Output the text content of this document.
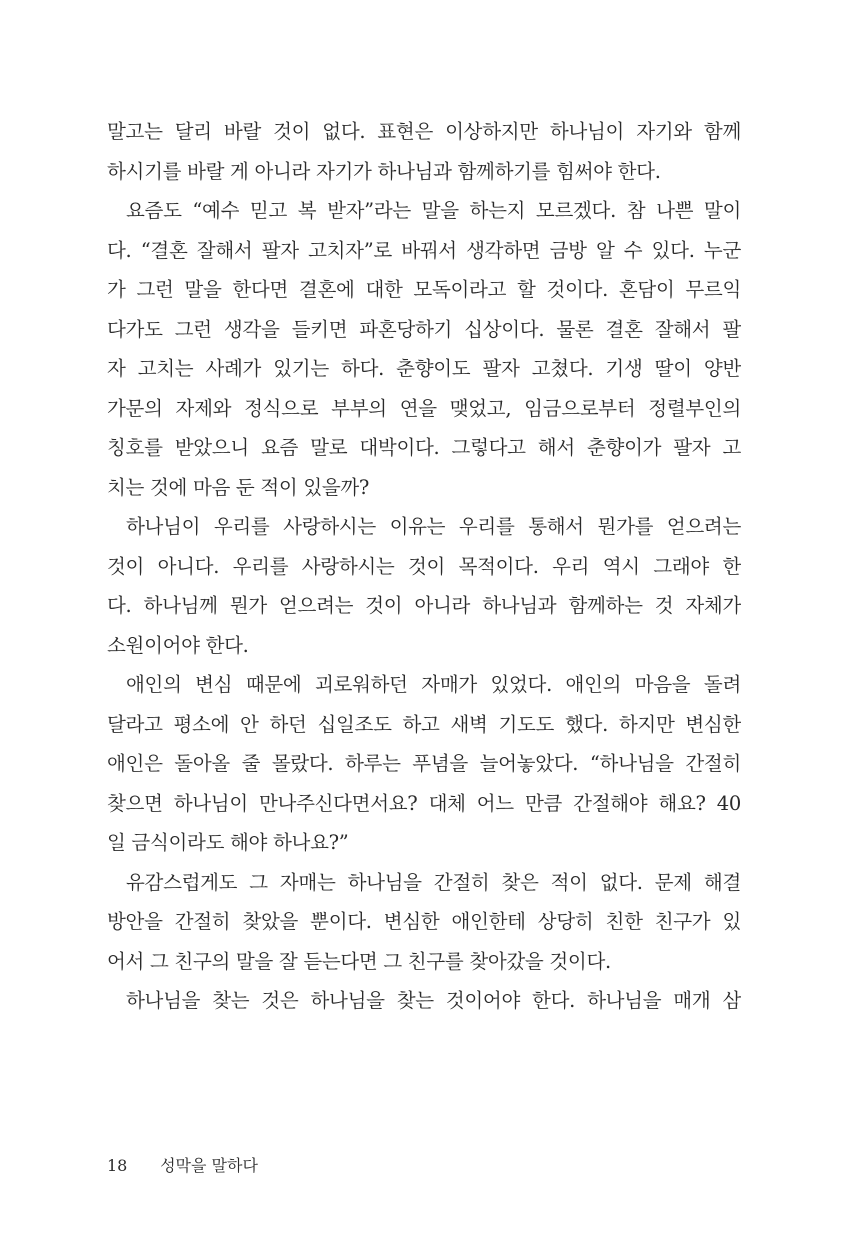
말고는 달리 바랄 것이 없다. 표현은 이상하지만 하나님이 자기와 함께
하시기를 바랄 게 아니라 자기가 하나님과 함께하기를 힘써야 한다.
요즘도 “예수 믿고 복 받자”라는 말을 하는지 모르겠다. 참 나쁜 말이
다. “결혼 잘해서 팔자 고치자”로 바꿔서 생각하면 금방 알 수 있다. 누군
가 그런 말을 한다면 결혼에 대한 모독이라고 할 것이다. 혼담이 무르익
다가도 그런 생각을 들키면 파혼당하기 십상이다. 물론 결혼 잘해서 팔
자 고치는 사례가 있기는 하다. 춘향이도 팔자 고쳤다. 기생 딸이 양반
가문의 자제와 정식으로 부부의 연을 맺었고, 임금으로부터 정렬부인의
칭호를 받았으니 요즘 말로 대박이다. 그렇다고 해서 춘향이가 팔자 고
치는 것에 마음 둔 적이 있을까?
하나님이 우리를 사랑하시는 이유는 우리를 통해서 뭔가를 얻으려는
것이 아니다. 우리를 사랑하시는 것이 목적이다. 우리 역시 그래야 한
다. 하나님께 뭔가 얻으려는 것이 아니라 하나님과 함께하는 것 자체가
소원이어야 한다.
애인의 변심 때문에 괴로워하던 자매가 있었다. 애인의 마음을 돌려
달라고 평소에 안 하던 십일조도 하고 새벽 기도도 했다. 하지만 변심한
애인은 돌아올 줄 몰랐다. 하루는 푸념을 늘어놓았다. “하나님을 간절히
찾으면 하나님이 만나주신다면서요? 대체 어느 만큼 간절해야 해요? 40
일 금식이라도 해야 하나요?”
유감스럽게도 그 자매는 하나님을 간절히 찾은 적이 없다. 문제 해결
방안을 간절히 찾았을 뿐이다. 변심한 애인한테 상당히 친한 친구가 있
어서 그 친구의 말을 잘 듣는다면 그 친구를 찾아갔을 것이다.
하나님을 찾는 것은 하나님을 찾는 것이어야 한다. 하나님을 매개 삼
18 성막을 말하다
